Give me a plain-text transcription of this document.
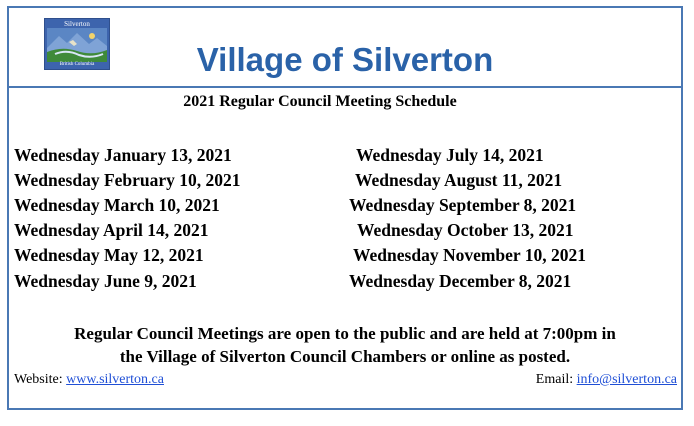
Silverton
British Columbia	Village of Silverton
2021 Regular Council Meeting Schedule
Wednesday January 13, 2021
Wednesday February 10, 2021
Wednesday March 10, 2021
Wednesday April 14, 2021
Wednesday May 12, 2021
Wednesday June 9, 2021
Wednesday July 14, 2021
Wednesday August 11, 2021
Wednesday September 8, 2021
Wednesday October 13, 2021
Wednesday November 10, 2021
Wednesday December 8, 2021
Regular Council Meetings are open to the public and are held at 7:00pm in
the Village of Silverton Council Chambers or online as posted.
Website: www.silverton.ca	Email: info@silverton.ca
